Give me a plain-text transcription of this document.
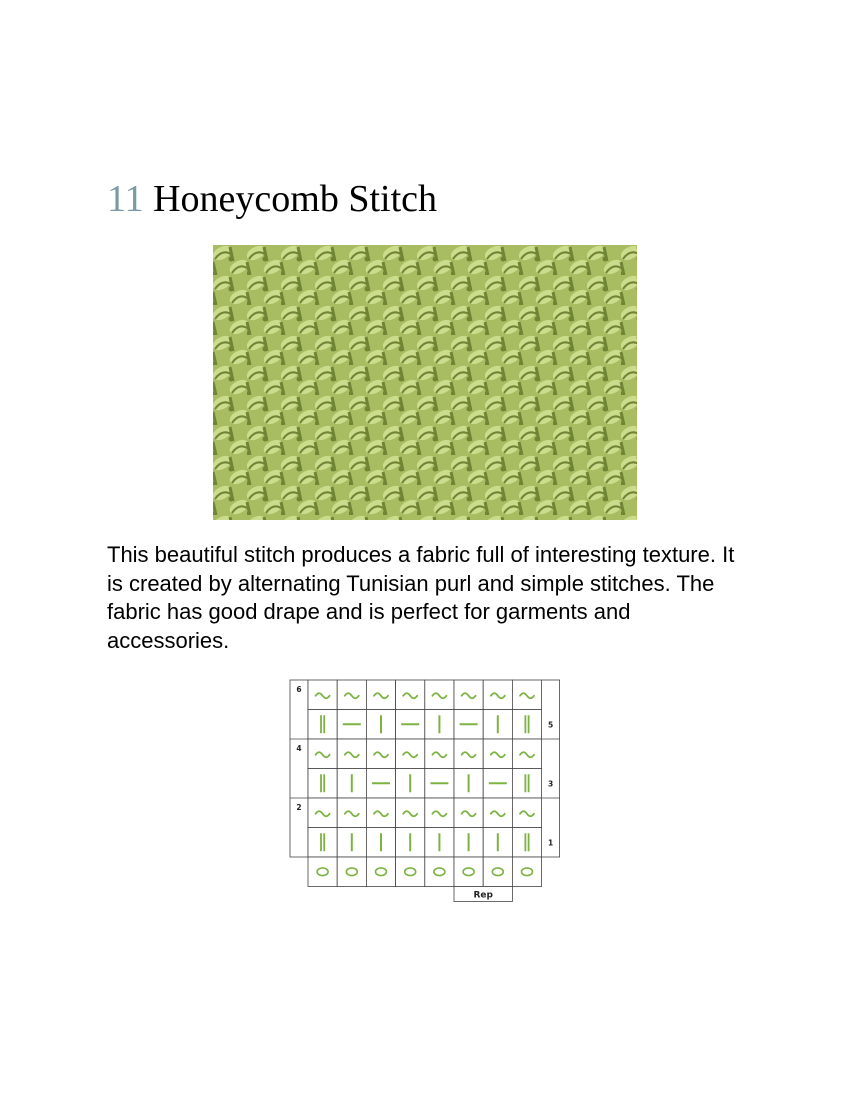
11 Honeycomb Stitch

This beautiful stitch produces a fabric full of interesting texture. It is created by alternating Tunisian purl and simple stitches. The fabric has good drape and is perfect for garments and accessories.

6
4
2
5
3
1
Rep
